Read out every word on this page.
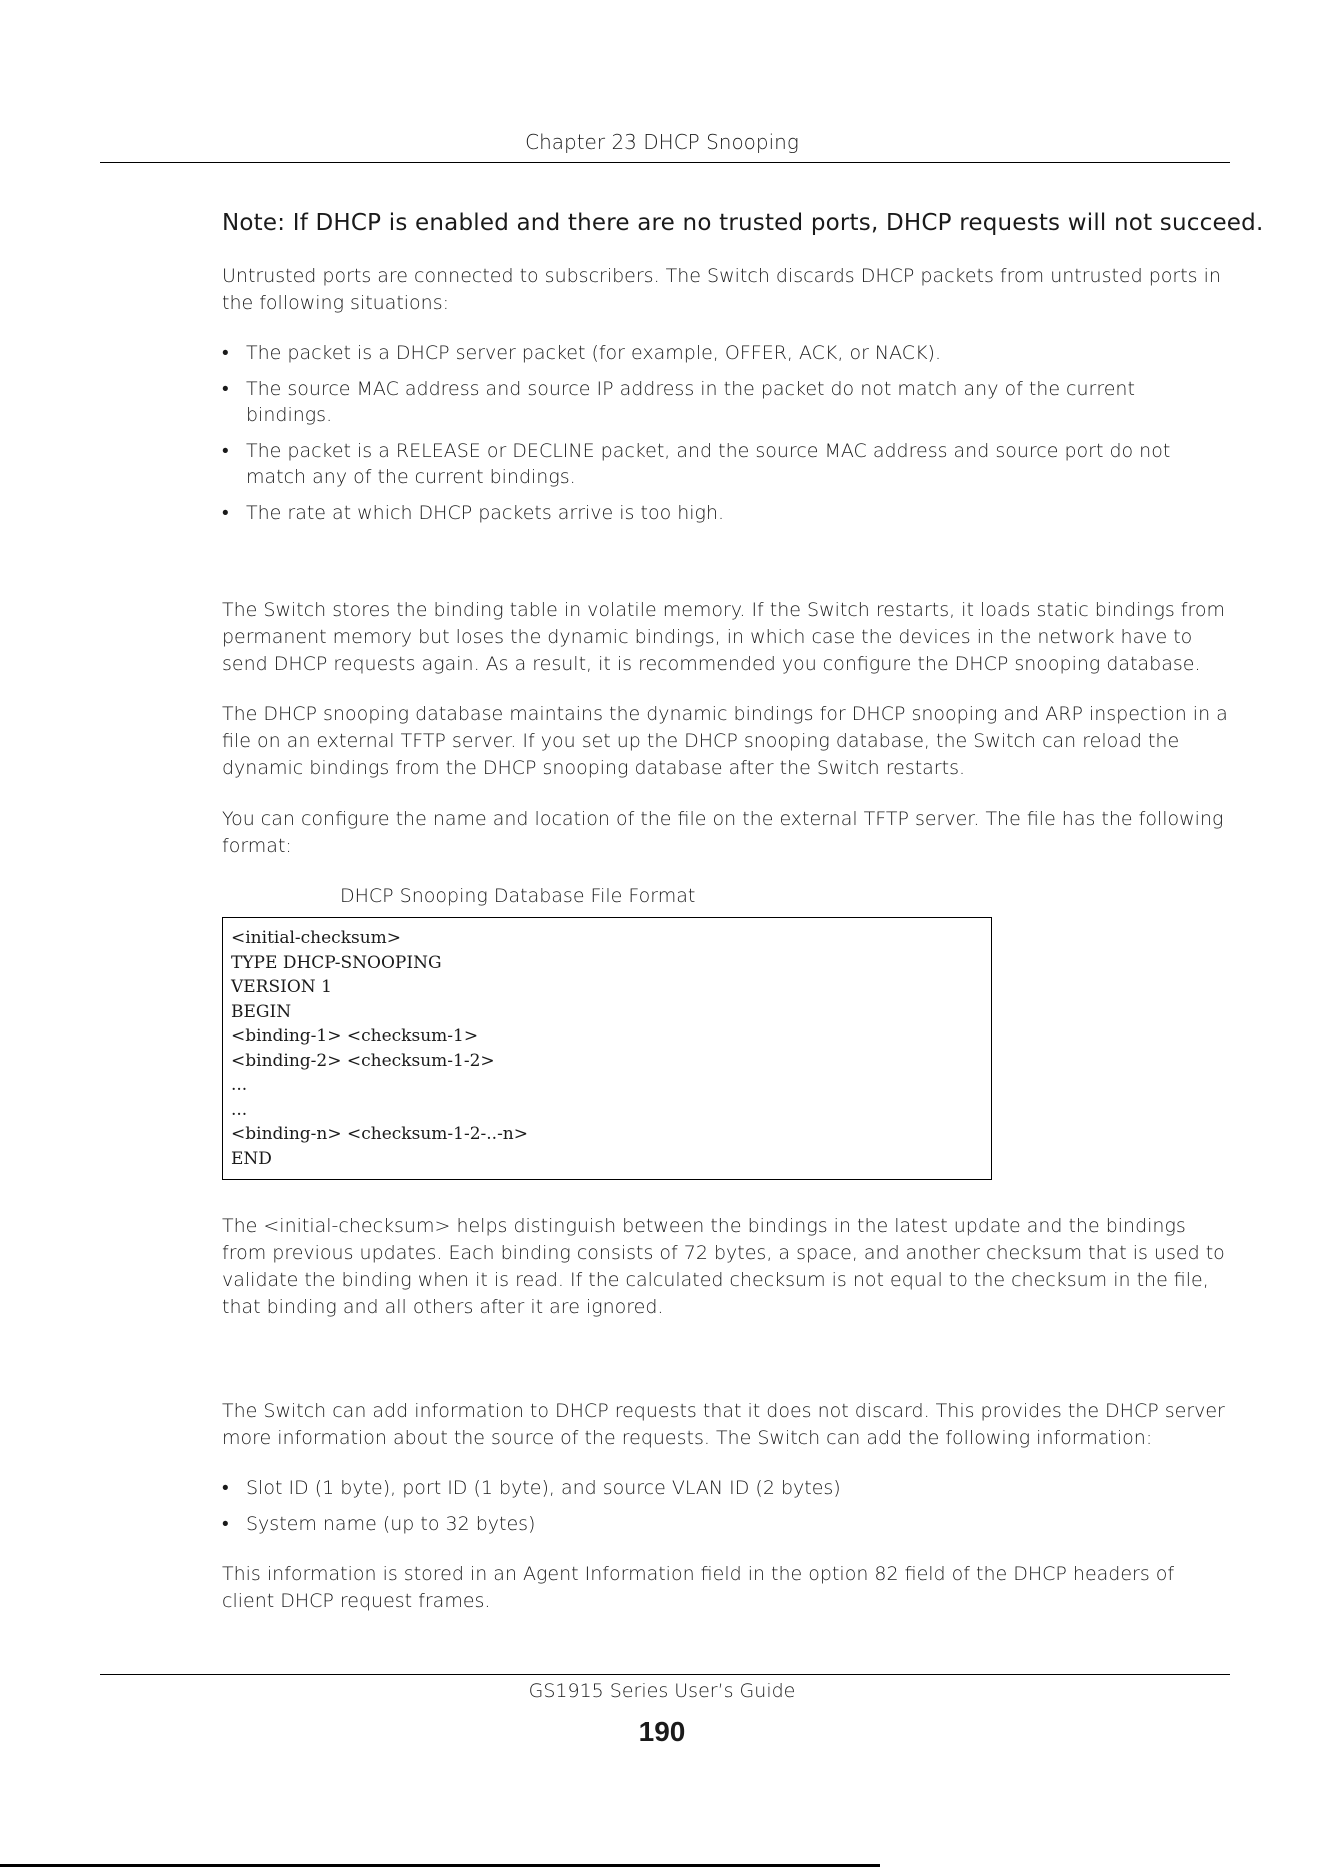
Chapter 23 DHCP Snooping
Note: If DHCP is enabled and there are no trusted ports, DHCP requests will not succeed.
Untrusted ports are connected to subscribers. The Switch discards DHCP packets from untrusted ports in the following situations:
• The packet is a DHCP server packet (for example, OFFER, ACK, or NACK).
• The source MAC address and source IP address in the packet do not match any of the current bindings.
• The packet is a RELEASE or DECLINE packet, and the source MAC address and source port do not match any of the current bindings.
• The rate at which DHCP packets arrive is too high.
The Switch stores the binding table in volatile memory. If the Switch restarts, it loads static bindings from permanent memory but loses the dynamic bindings, in which case the devices in the network have to send DHCP requests again. As a result, it is recommended you configure the DHCP snooping database.
The DHCP snooping database maintains the dynamic bindings for DHCP snooping and ARP inspection in a file on an external TFTP server. If you set up the DHCP snooping database, the Switch can reload the dynamic bindings from the DHCP snooping database after the Switch restarts.
You can configure the name and location of the file on the external TFTP server. The file has the following format:
DHCP Snooping Database File Format
<initial-checksum>
TYPE DHCP-SNOOPING
VERSION 1
BEGIN
<binding-1> <checksum-1>
<binding-2> <checksum-1-2>
...
...
<binding-n> <checksum-1-2-..-n>
END
The <initial-checksum> helps distinguish between the bindings in the latest update and the bindings from previous updates. Each binding consists of 72 bytes, a space, and another checksum that is used to validate the binding when it is read. If the calculated checksum is not equal to the checksum in the file, that binding and all others after it are ignored.
The Switch can add information to DHCP requests that it does not discard. This provides the DHCP server more information about the source of the requests. The Switch can add the following information:
• Slot ID (1 byte), port ID (1 byte), and source VLAN ID (2 bytes)
• System name (up to 32 bytes)
This information is stored in an Agent Information field in the option 82 field of the DHCP headers of client DHCP request frames.
GS1915 Series User’s Guide
190
